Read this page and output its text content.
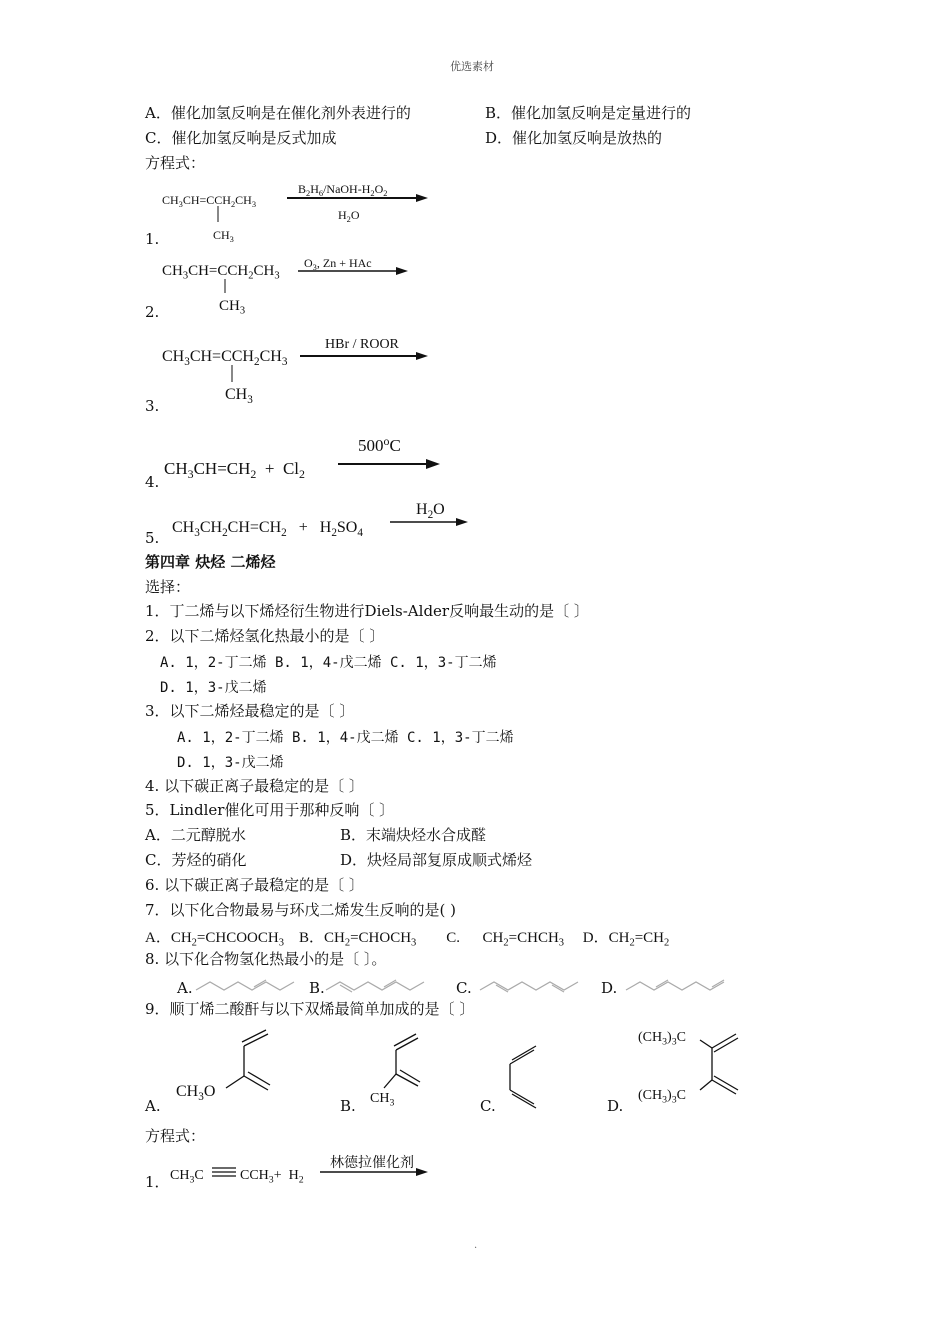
优选素材
A．催化加氢反响是在催化剂外表进行的	B．催化加氢反响是定量进行的
C．催化加氢反响是反式加成	D．催化加氢反响是放热的
方程式：
$CH_3CH=CCH_2CH_3$
$CH_3$
$B_2H_6/NaOH-H_2O_2$
$H_2O$
1.
$CH_3CH=CCH_2CH_3$
$CH_3$
$O_3$, Zn + HAc
2.
$CH_3CH=CCH_2CH_3$
$CH_3$
HBr / ROOR
3.
500$^o$C
$CH_3CH=CH_2 + Cl_2$
4.
$H_2O$
$CH_3CH_2CH=CH_2 + H_2SO_4$
5.
第四章 炔烃 二烯烃
选择：
1．丁二烯与以下烯烃衍生物进行Diels-Alder反响最生动的是〔 〕
2．以下二烯烃氢化热最小的是〔 〕
A. 1，2-丁二烯 B. 1，4-戊二烯 C. 1，3-丁二烯
D. 1，3-戊二烯
3．以下二烯烃最稳定的是〔 〕
A. 1，2-丁二烯 B. 1，4-戊二烯 C. 1，3-丁二烯
D. 1，3-戊二烯
4. 以下碳正离子最稳定的是〔 〕
5．Lindler催化可用于那种反响〔 〕
A．二元醇脱水	B．末端炔烃水合成醛
C．芳烃的硝化	D．炔烃局部复原成顺式烯烃
6. 以下碳正离子最稳定的是〔 〕
7．以下化合物最易与环戊二烯发生反响的是( )
A．$CH_2=CHCOOCH_3$    B．$CH_2=CHOCH_3$        C.      $CH_2=CHCH_3$     D．$CH_2=CH_2$
8. 以下化合物氢化热最小的是〔 〕。
A.	B.	C.	D.
9．顺丁烯二酸酐与以下双烯最简单加成的是〔 〕
A.	B.	C.	D.
$CH_3O$	$CH_3$
$(CH_3)_3C$
$(CH_3)_3C$
方程式：
1． $CH_3C$	$CCH_3+ H_2$
林德拉催化剂
.
